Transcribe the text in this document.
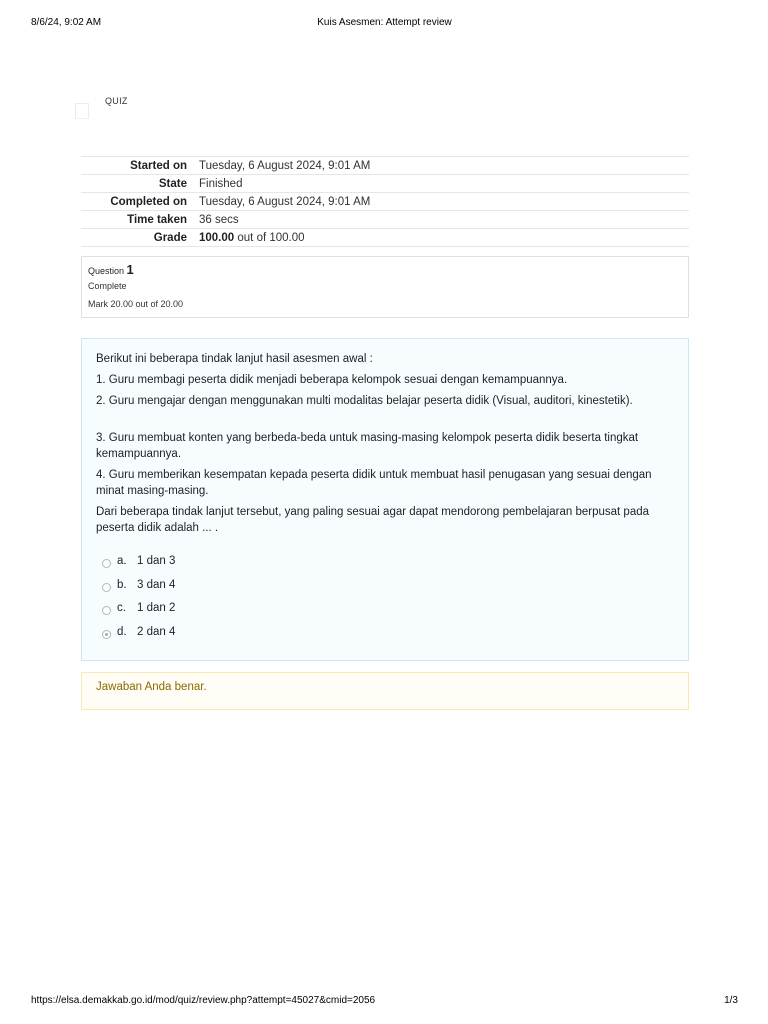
8/6/24, 9:02 AM	Kuis Asesmen: Attempt review
QUIZ
Started on	Tuesday, 6 August 2024, 9:01 AM
State	Finished
Completed on	Tuesday, 6 August 2024, 9:01 AM
Time taken	36 secs
Grade	100.00 out of 100.00
Question 1
Complete
Mark 20.00 out of 20.00

Berikut ini beberapa tindak lanjut hasil asesmen awal :

1. Guru membagi peserta didik menjadi beberapa kelompok sesuai dengan kemampuannya.

2. Guru mengajar dengan menggunakan multi modalitas belajar peserta didik (Visual, auditori, kinestetik).

3. Guru membuat konten yang berbeda-beda untuk masing-masing kelompok peserta didik beserta tingkat kemampuannya.

4. Guru memberikan kesempatan kepada peserta didik untuk membuat hasil penugasan yang sesuai dengan minat masing-masing.

Dari beberapa tindak lanjut tersebut, yang paling sesuai agar dapat mendorong pembelajaran berpusat pada peserta didik adalah ... .

a. 1 dan 3
b. 3 dan 4
c. 1 dan 2
d. 2 dan 4
Jawaban Anda benar.
https://elsa.demakkab.go.id/mod/quiz/review.php?attempt=45027&cmid=2056	1/3
